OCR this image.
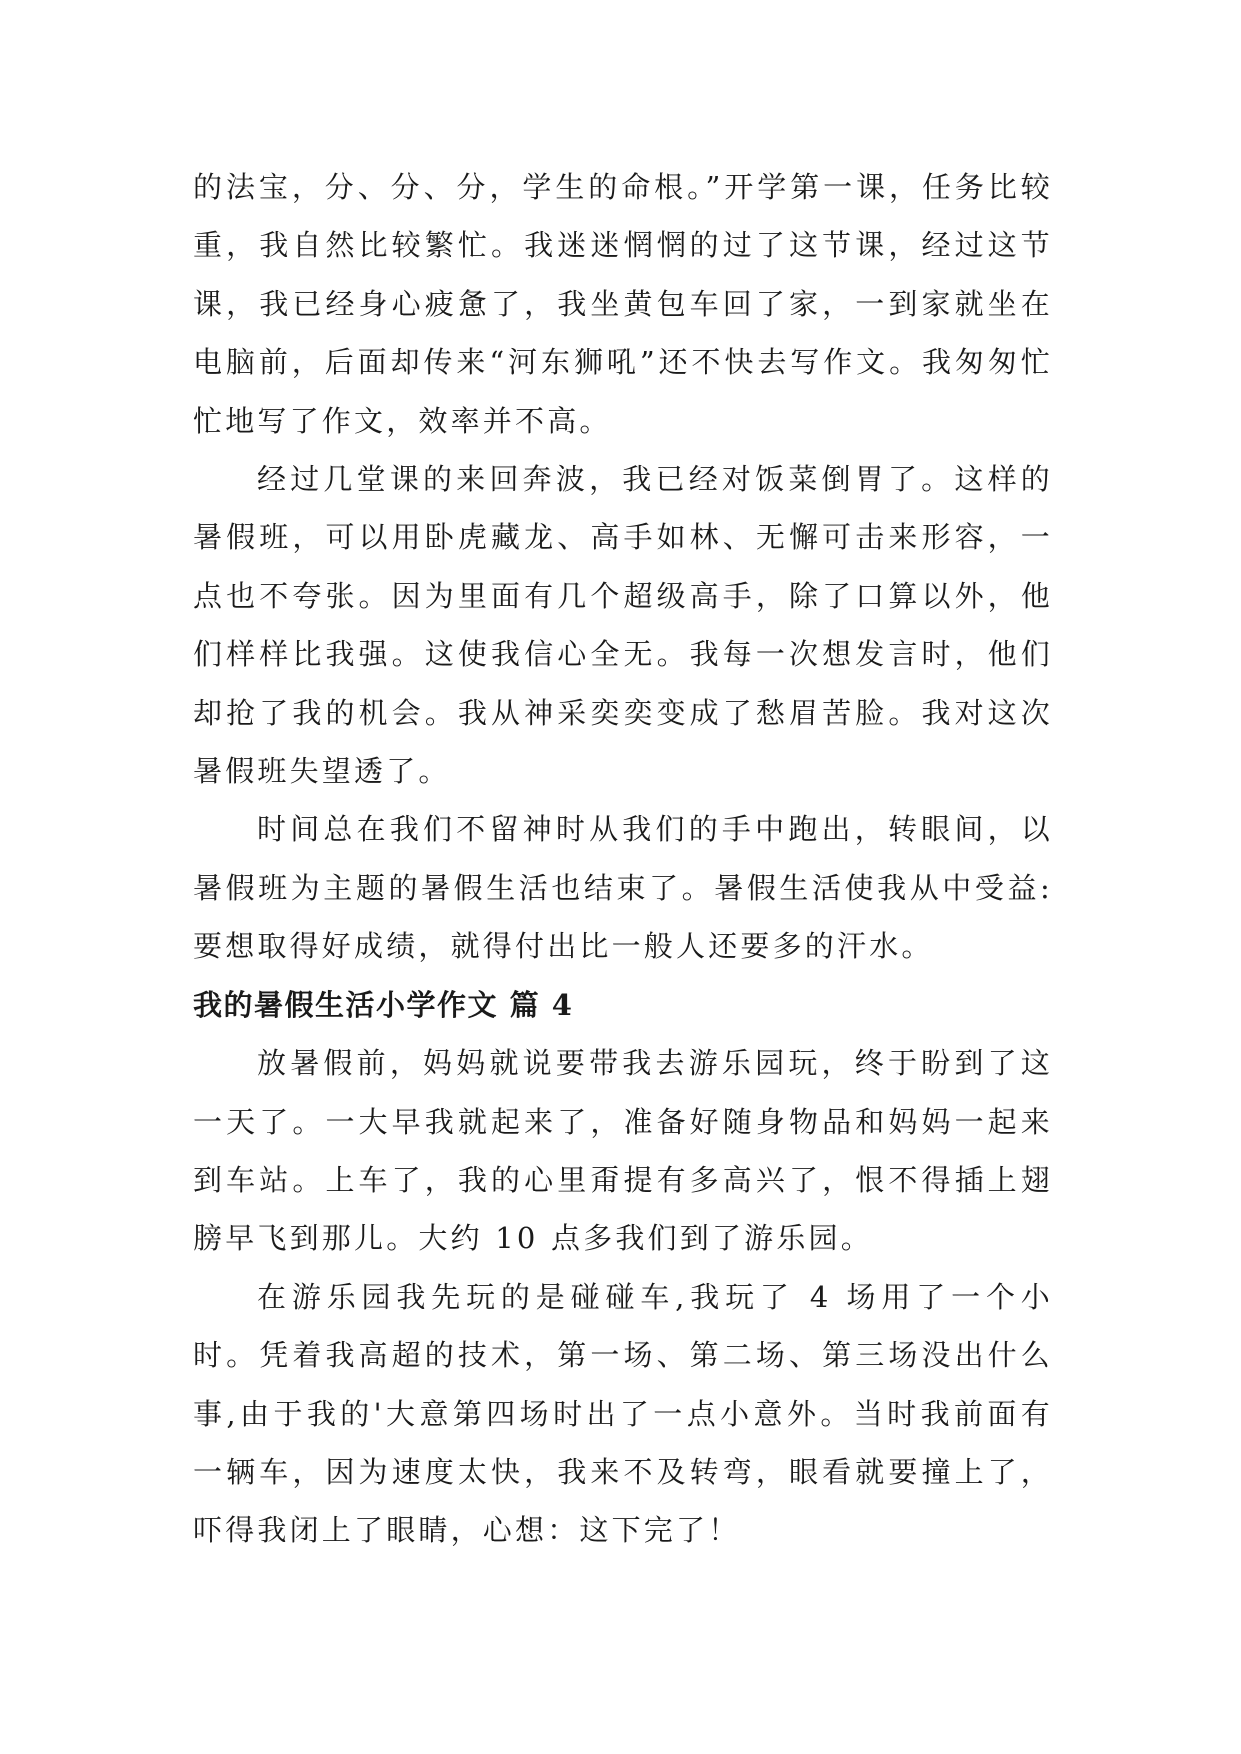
的法宝，分、分、分，学生的命根。”开学第一课，任务比较重，我自然比较繁忙。我迷迷惘惘的过了这节课，经过这节课，我已经身心疲惫了，我坐黄包车回了家，一到家就坐在电脑前，后面却传来“河东狮吼”还不快去写作文。我匆匆忙忙地写了作文，效率并不高。

经过几堂课的来回奔波，我已经对饭菜倒胃了。这样的暑假班，可以用卧虎藏龙、高手如林、无懈可击来形容，一点也不夸张。因为里面有几个超级高手，除了口算以外，他们样样比我强。这使我信心全无。我每一次想发言时，他们却抢了我的机会。我从神采奕奕变成了愁眉苦脸。我对这次暑假班失望透了。

时间总在我们不留神时从我们的手中跑出，转眼间，以暑假班为主题的暑假生活也结束了。暑假生活使我从中受益:要想取得好成绩，就得付出比一般人还要多的汗水。

我的暑假生活小学作文 篇 4

放暑假前，妈妈就说要带我去游乐园玩，终于盼到了这一天了。一大早我就起来了，准备好随身物品和妈妈一起来到车站。上车了，我的心里甭提有多高兴了，恨不得插上翅膀早飞到那儿。大约 10 点多我们到了游乐园。

在游乐园我先玩的是碰碰车,我玩了 4 场用了一个小时。凭着我高超的技术，第一场、第二场、第三场没出什么事,由于我的'大意第四场时出了一点小意外。当时我前面有一辆车，因为速度太快，我来不及转弯，眼看就要撞上了，吓得我闭上了眼睛，心想：这下完了！
